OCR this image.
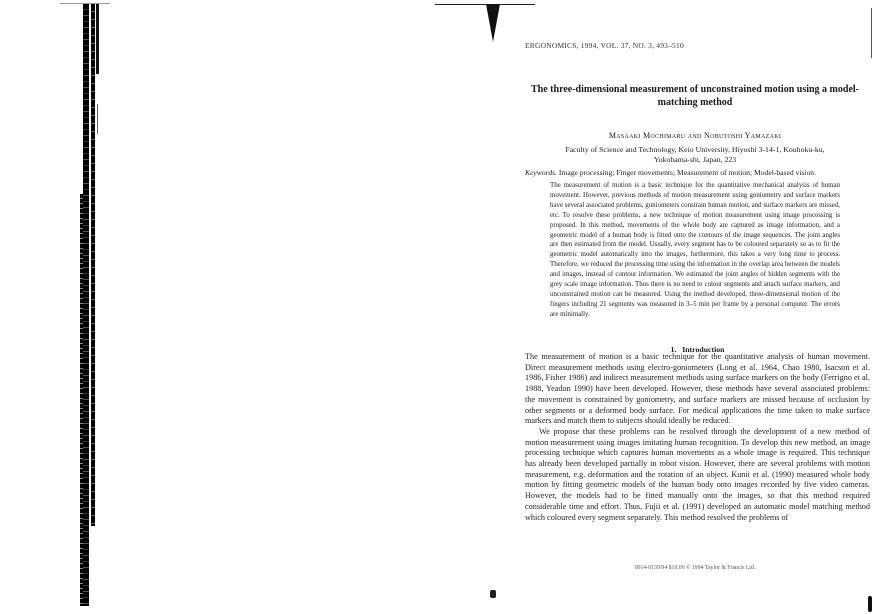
ERGONOMICS, 1994, VOL. 37, NO. 3, 493–510
The three-dimensional measurement of unconstrained motion using a model-matching method
Masaaki Mochimaru and Nobutoshi Yamazaki
Faculty of Science and Technology, Keio University, Hiyoshi 3-14-1, Kouhoku-ku,
Yokohama-shi, Japan, 223
Keywords. Image processing; Finger movements; Measurement of motion; Model-based vision.
The measurement of motion is a basic technique for the quantitative mechanical analysis of human movement. However, previous methods of motion measurement using goniometry and surface markers have several associated problems, goniometers constrain human motion, and surface markers are missed, etc. To resolve these problems, a new technique of motion measurement using image processing is proposed. In this method, movements of the whole body are captured as image information, and a geometric model of a human body is fitted onto the contours of the image sequences. The joint angles are then estimated from the model. Usually, every segment has to be coloured separately so as to fit the geometric model automatically into the images, furthermore, this takes a very long time to process. Therefore, we reduced the processing time using the information in the overlap area between the models and images, instead of contour information. We estimated the joint angles of hidden segments with the grey scale image information. Thus there is no need to colour segments and attach surface markers, and unconstrained motion can be measured. Using the method developed, three-dimensional motion of the fingers including 21 segments was measured in 3–5 min per frame by a personal computer. The errors are minimally.
1. Introduction

The measurement of motion is a basic technique for the quantitative analysis of human movement. Direct measurement methods using electro-goniometers (Long et al. 1964, Chao 1980, Isacson et al. 1986, Fisher 1986) and indirect measurement methods using surface markers on the body (Ferrigno et al. 1988, Yeadon 1990) have been developed. However, these methods have several associated problems: the movement is constrained by goniometry, and surface markers are missed because of occlusion by other segments or a deformed body surface. For medical applications the time taken to make surface markers and match them to subjects should ideally be reduced.

We propose that these problems can be resolved through the development of a new method of motion measurement using images imitating human recognition. To develop this new method, an image processing technique which captures human movements as a whole image is required. This technique has already been developed partially in robot vision. However, there are several problems with motion measurement, e.g. deformation and the rotation of an object. Kunii et al. (1990) measured whole body motion by fitting geometric models of the human body onto images recorded by five video cameras. However, the models had to be fitted manually onto the images, so that this method required considerable time and effort. Thus, Fujii et al. (1991) developed an automatic model matching method which coloured every segment separately. This method resolved the problems of

0014-0139/94 $10.00 © 1994 Taylor & Francis Ltd.
